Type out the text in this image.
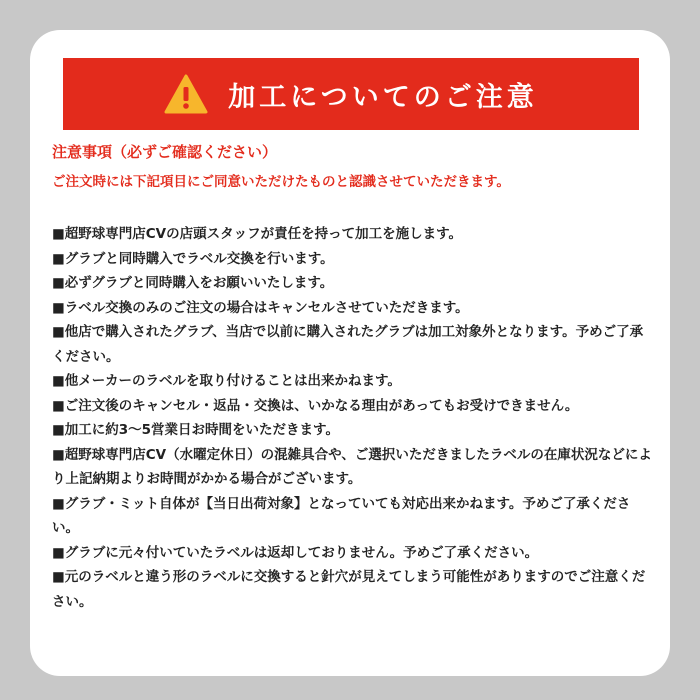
加工についてのご注意
注意事項（必ずご確認ください）
ご注文時には下記項目にご同意いただけたものと認識させていただきます。
■超野球専門店CVの店頭スタッフが責任を持って加工を施します。
■グラブと同時購入でラベル交換を行います。
■必ずグラブと同時購入をお願いいたします。
■ラベル交換のみのご注文の場合はキャンセルさせていただきます。
■他店で購入されたグラブ、当店で以前に購入されたグラブは加工対象外となります。予めご了承ください。
■他メーカーのラベルを取り付けることは出来かねます。
■ご注文後のキャンセル・返品・交換は、いかなる理由があってもお受けできません。
■加工に約3～5営業日お時間をいただきます。
■超野球専門店CV（水曜定休日）の混雑具合や、ご選択いただきましたラベルの在庫状況などにより上記納期よりお時間がかかる場合がございます。
■グラブ・ミット自体が【当日出荷対象】となっていても対応出来かねます。予めご了承ください。
■グラブに元々付いていたラベルは返却しておりません。予めご了承ください。
■元のラベルと違う形のラベルに交換すると針穴が見えてしまう可能性がありますのでご注意ください。
